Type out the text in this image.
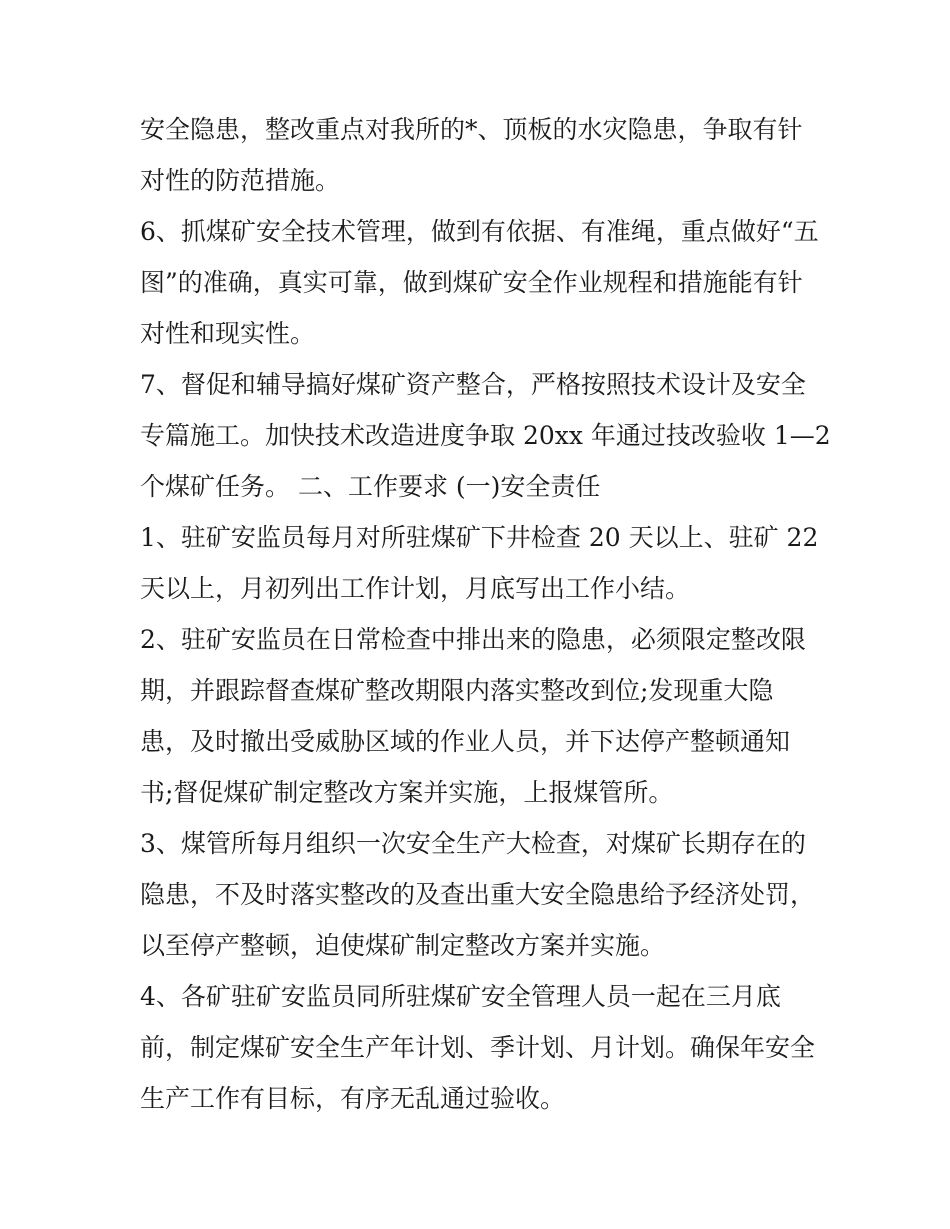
安全隐患，整改重点对我所的*、顶板的水灾隐患，争取有针
对性的防范措施。
6、抓煤矿安全技术管理，做到有依据、有准绳，重点做好“五
图”的准确，真实可靠，做到煤矿安全作业规程和措施能有针
对性和现实性。
7、督促和辅导搞好煤矿资产整合，严格按照技术设计及安全
专篇施工。加快技术改造进度争取 20xx 年通过技改验收 1—2
个煤矿任务。 二、工作要求 (一)安全责任
1、驻矿安监员每月对所驻煤矿下井检查 20 天以上、驻矿 22
天以上，月初列出工作计划，月底写出工作小结。
2、驻矿安监员在日常检查中排出来的隐患，必须限定整改限
期，并跟踪督查煤矿整改期限内落实整改到位;发现重大隐
患，及时撤出受威胁区域的作业人员，并下达停产整顿通知
书;督促煤矿制定整改方案并实施，上报煤管所。
3、煤管所每月组织一次安全生产大检查，对煤矿长期存在的
隐患，不及时落实整改的及查出重大安全隐患给予经济处罚，
以至停产整顿，迫使煤矿制定整改方案并实施。
4、各矿驻矿安监员同所驻煤矿安全管理人员一起在三月底
前，制定煤矿安全生产年计划、季计划、月计划。确保年安全
生产工作有目标，有序无乱通过验收。
